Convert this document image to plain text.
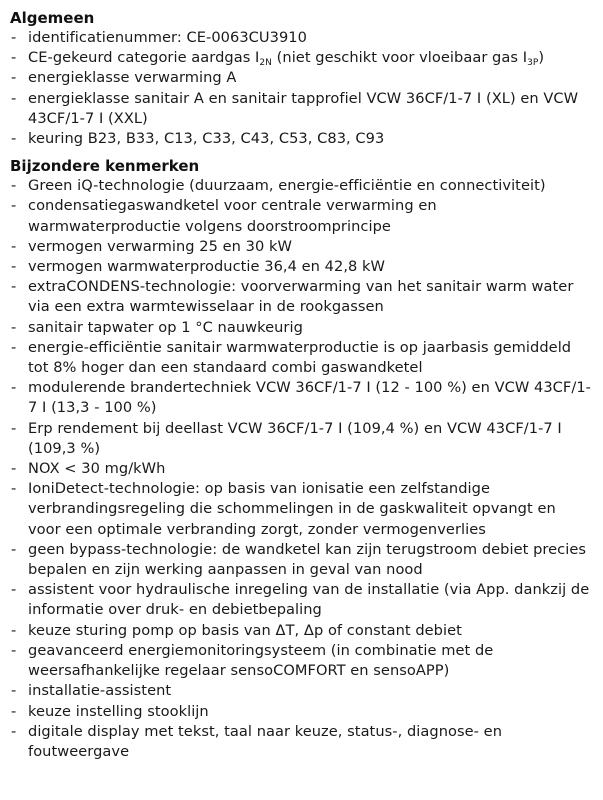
Algemeen
- identificatienummer: CE-0063CU3910
- CE-gekeurd categorie aardgas $I_{2N}$ (niet geschikt voor vloeibaar gas $I_{3P}$)
- energieklasse verwarming A
- energieklasse sanitair A en sanitair tapprofiel VCW 36CF/1-7 I (XL) en VCW 43CF/1-7 I (XXL)
- keuring B23, B33, C13, C33, C43, C53, C83, C93
Bijzondere kenmerken
- Green iQ-technologie (duurzaam, energie-efficiëntie en connectiviteit)
- condensatiegaswandketel voor centrale verwarming en warmwaterproductie volgens doorstroomprincipe
- vermogen verwarming 25 en 30 kW
- vermogen warmwaterproductie 36,4 en 42,8 kW
- extraCONDENS-technologie: voorverwarming van het sanitair warm water via een extra warmtewisselaar in de rookgassen
- sanitair tapwater op 1 °C nauwkeurig
- energie-efficiëntie sanitair warmwaterproductie is op jaarbasis gemiddeld tot 8% hoger dan een standaard combi gaswandketel
- modulerende brandertechniek VCW 36CF/1-7 I (12 - 100 %) en VCW 43CF/1-7 I (13,3 - 100 %)
- Erp rendement bij deellast VCW 36CF/1-7 I (109,4 %) en VCW 43CF/1-7 I (109,3 %)
- NOX < 30 mg/kWh
- IoniDetect-technologie: op basis van ionisatie een zelfstandige verbrandingsregeling die schommelingen in de gaskwaliteit opvangt en voor een optimale verbranding zorgt, zonder vermogenverlies
- geen bypass-technologie: de wandketel kan zijn terugstroom debiet precies bepalen en zijn werking aanpassen in geval van nood
- assistent voor hydraulische inregeling van de installatie (via App. dankzij de informatie over druk- en debietbepaling
- keuze sturing pomp op basis van ΔT, Δp of constant debiet
- geavanceerd energiemonitoringsysteem (in combinatie met de weersafhankelijke regelaar sensoCOMFORT en sensoAPP)
- installatie-assistent
- keuze instelling stooklijn
- digitale display met tekst, taal naar keuze, status-, diagnose- en foutweergave
